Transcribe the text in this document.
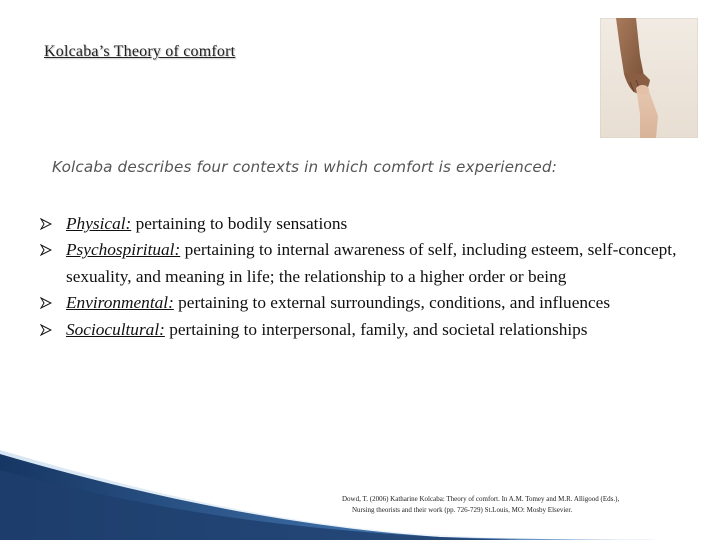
Kolcaba’s Theory of comfort
Kolcaba describes four contexts in which comfort is experienced:
Physical: pertaining to bodily sensations
Psychospiritual: pertaining to internal awareness of self, including esteem, self-concept, sexuality, and meaning in life; the relationship to a higher order or being
Environmental: pertaining to external surroundings, conditions, and influences
Sociocultural: pertaining to interpersonal, family, and societal relationships
Dowd, T. (2006) Katharine Kolcaba: Theory of comfort. In A.M. Tomey and M.R. Alligood (Eds.),
Nursing theorists and their work (pp. 726-729) St.Louis, MO: Mosby Elsevier.
